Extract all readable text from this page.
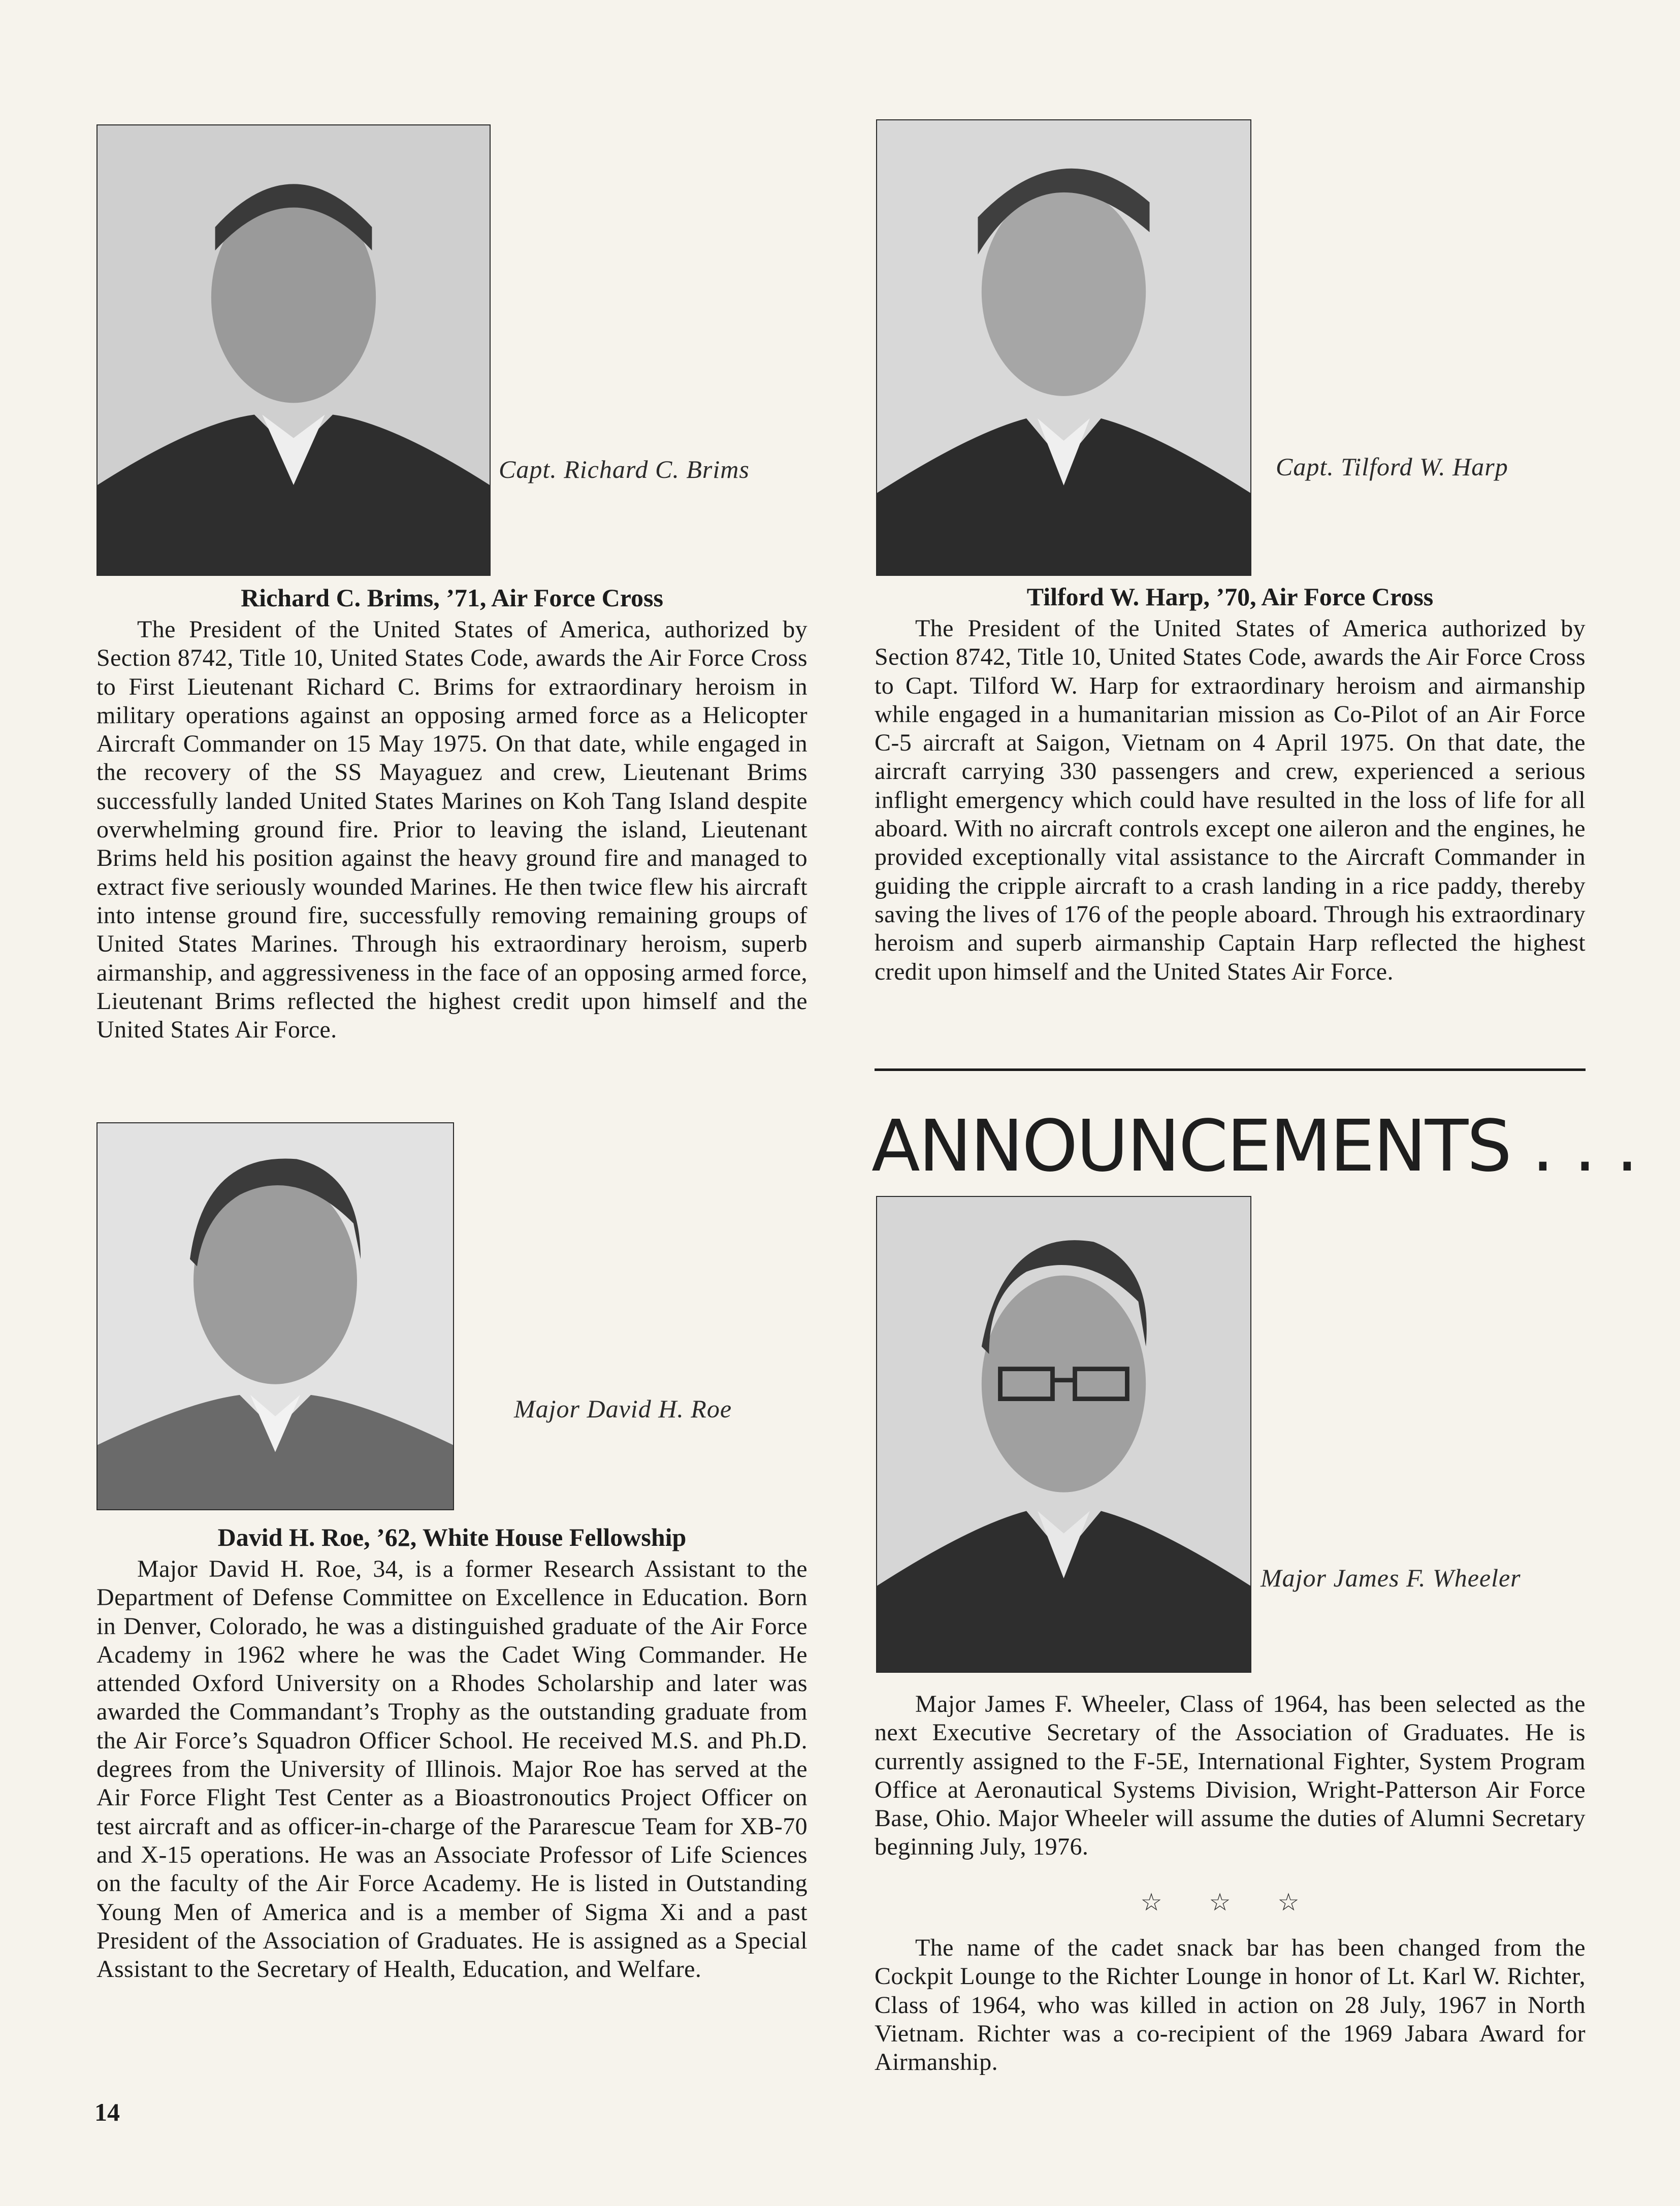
Capt. Richard C. Brims
Richard C. Brims, ’71, Air Force Cross

The President of the United States of America, authorized by Section 8742, Title 10, United States Code, awards the Air Force Cross to First Lieutenant Richard C. Brims for extraordinary heroism in military operations against an opposing armed force as a Helicopter Aircraft Commander on 15 May 1975. On that date, while engaged in the recovery of the SS Mayaguez and crew, Lieutenant Brims successfully landed United States Marines on Koh Tang Island despite overwhelming ground fire. Prior to leaving the island, Lieutenant Brims held his position against the heavy ground fire and managed to extract five seriously wounded Marines. He then twice flew his aircraft into intense ground fire, successfully removing remaining groups of United States Marines. Through his extraordinary heroism, superb airmanship, and aggressiveness in the face of an opposing armed force, Lieutenant Brims reflected the highest credit upon himself and the United States Air Force.

Capt. Tilford W. Harp
Tilford W. Harp, ’70, Air Force Cross

The President of the United States of America authorized by Section 8742, Title 10, United States Code, awards the Air Force Cross to Capt. Tilford W. Harp for extraordinary heroism and airmanship while engaged in a humanitarian mission as Co-Pilot of an Air Force C-5 aircraft at Saigon, Vietnam on 4 April 1975. On that date, the aircraft carrying 330 passengers and crew, experienced a serious inflight emergency which could have resulted in the loss of life for all aboard. With no aircraft controls except one aileron and the engines, he provided exceptionally vital assistance to the Aircraft Commander in guiding the cripple aircraft to a crash landing in a rice paddy, thereby saving the lives of 176 of the people aboard. Through his extraordinary heroism and superb airmanship Captain Harp reflected the highest credit upon himself and the United States Air Force.

Major David H. Roe
David H. Roe, ’62, White House Fellowship

Major David H. Roe, 34, is a former Research Assistant to the Department of Defense Committee on Excellence in Education. Born in Denver, Colorado, he was a distinguished graduate of the Air Force Academy in 1962 where he was the Cadet Wing Commander. He attended Oxford University on a Rhodes Scholarship and later was awarded the Commandant’s Trophy as the outstanding graduate from the Air Force’s Squadron Officer School. He received M.S. and Ph.D. degrees from the University of Illinois. Major Roe has served at the Air Force Flight Test Center as a Bioastronoutics Project Officer on test aircraft and as officer-in-charge of the Pararescue Team for XB-70 and X-15 operations. He was an Associate Professor of Life Sciences on the faculty of the Air Force Academy. He is listed in Outstanding Young Men of America and is a member of Sigma Xi and a past President of the Association of Graduates. He is assigned as a Special Assistant to the Secretary of Health, Education, and Welfare.

ANNOUNCEMENTS . . .
Major James F. Wheeler

Major James F. Wheeler, Class of 1964, has been selected as the next Executive Secretary of the Association of Graduates. He is currently assigned to the F-5E, International Fighter, System Program Office at Aeronautical Systems Division, Wright-Patterson Air Force Base, Ohio. Major Wheeler will assume the duties of Alumni Secretary beginning July, 1976.

☆ ☆ ☆

The name of the cadet snack bar has been changed from the Cockpit Lounge to the Richter Lounge in honor of Lt. Karl W. Richter, Class of 1964, who was killed in action on 28 July, 1967 in North Vietnam. Richter was a co-recipient of the 1969 Jabara Award for Airmanship.

14
